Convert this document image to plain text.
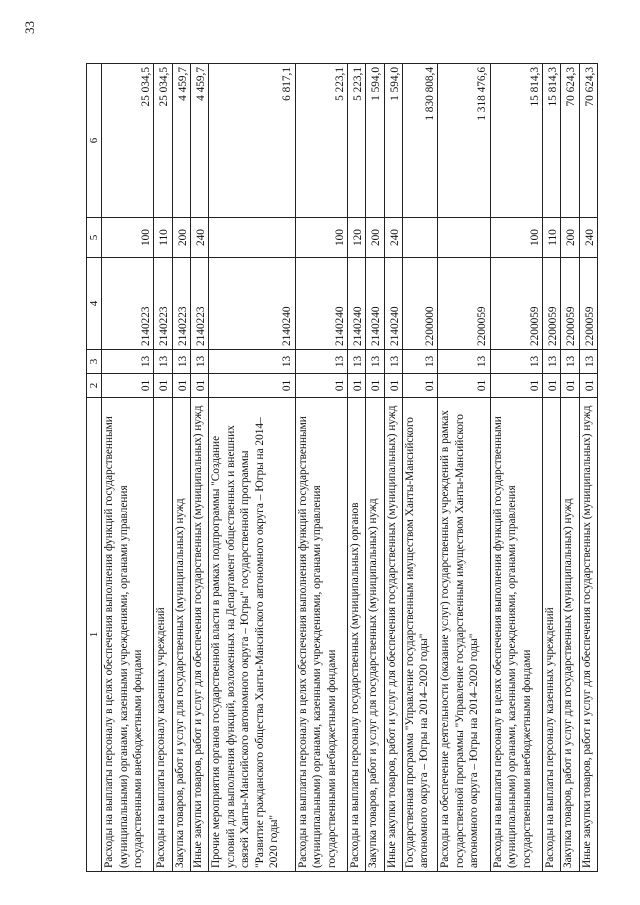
33
1	2	3	4	5	6
Расходы на выплаты персоналу в целях обеспечения выполнения функций государственными (муниципальными) органами, казенными учреждениями, органами управления государственными внебюджетными фондами	01	13	2140223	100	25 034,5
Расходы на выплаты персоналу казенных учреждений	01	13	2140223	110	25 034,5
Закупка товаров, работ и услуг для государственных (муниципальных) нужд	01	13	2140223	200	4 459,7
Иные закупки товаров, работ и услуг для обеспечения государственных (муниципальных) нужд	01	13	2140223	240	4 459,7
Прочие мероприятия органов государственной власти в рамках подпрограммы "Создание условий для выполнения функций, возложенных на Департамент общественных и внешних связей Ханты-Мансийского автономного округа – Югры" государственной программы "Развитие гражданского общества Ханты-Мансийского автономного округа – Югры на 2014–2020 годы"	01	13	2140240		6 817,1
Расходы на выплаты персоналу в целях обеспечения выполнения функций государственными (муниципальными) органами, казенными учреждениями, органами управления государственными внебюджетными фондами	01	13	2140240	100	5 223,1
Расходы на выплаты персоналу государственных (муниципальных) органов	01	13	2140240	120	5 223,1
Закупка товаров, работ и услуг для государственных (муниципальных) нужд	01	13	2140240	200	1 594,0
Иные закупки товаров, работ и услуг для обеспечения государственных (муниципальных) нужд	01	13	2140240	240	1 594,0
Государственная программа "Управление государственным имуществом Ханты-Мансийского автономного округа – Югры на 2014–2020 годы"	01	13	2200000		1 830 808,4
Расходы на обеспечение деятельности (оказание услуг) государственных учреждений в рамках государственной программы "Управление государственным имуществом Ханты-Мансийского автономного округа – Югры на 2014–2020 годы"	01	13	2200059		1 318 476,6
Расходы на выплаты персоналу в целях обеспечения выполнения функций государственными (муниципальными) органами, казенными учреждениями, органами управления государственными внебюджетными фондами	01	13	2200059	100	15 814,3
Расходы на выплаты персоналу казенных учреждений	01	13	2200059	110	15 814,3
Закупка товаров, работ и услуг для государственных (муниципальных) нужд	01	13	2200059	200	70 624,3
Иные закупки товаров, работ и услуг для обеспечения государственных (муниципальных) нужд	01	13	2200059	240	70 624,3
